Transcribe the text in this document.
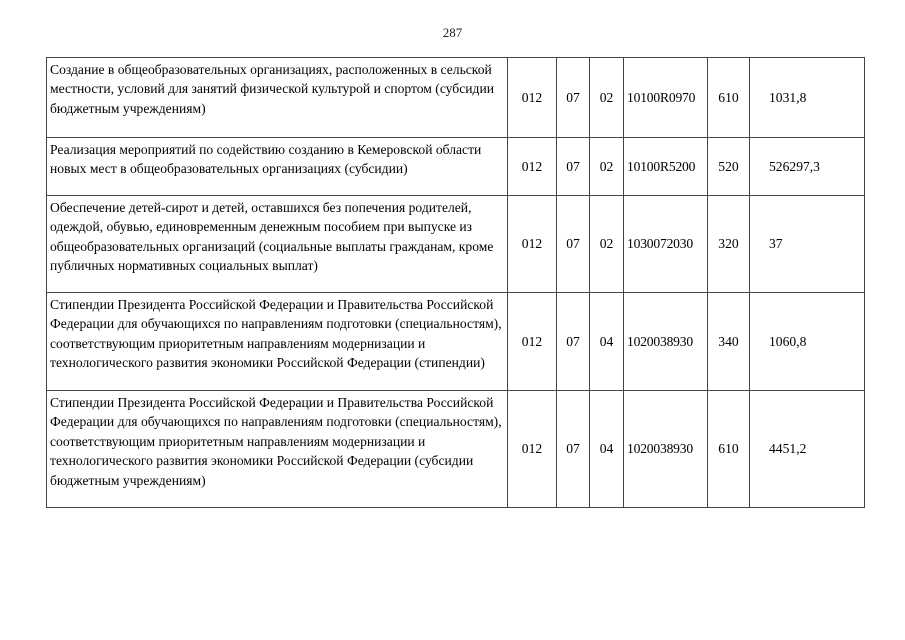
287
Создание в общеобразовательных организациях, расположенных в сельской местности, условий для занятий физической культурой и спортом (субсидии бюджетным учреждениям)	012	07	02	10100R0970	610	1031,8
Реализация мероприятий по содействию созданию в Кемеровской области новых мест в общеобразовательных организациях (субсидии)	012	07	02	10100R5200	520	526297,3
Обеспечение детей-сирот и детей, оставшихся без попечения родителей, одеждой, обувью, единовременным денежным пособием при выпуске из общеобразовательных организаций (социальные выплаты гражданам, кроме публичных нормативных социальных выплат)	012	07	02	1030072030	320	37
Стипендии Президента Российской Федерации и Правительства Российской Федерации для обучающихся по направлениям подготовки (специальностям), соответствующим приоритетным направлениям модернизации и технологического развития экономики Российской Федерации (стипендии)	012	07	04	1020038930	340	1060,8
Стипендии Президента Российской Федерации и Правительства Российской Федерации для обучающихся по направлениям подготовки (специальностям), соответствующим приоритетным направлениям модернизации и технологического развития экономики Российской Федерации (субсидии бюджетным учреждениям)	012	07	04	1020038930	610	4451,2
